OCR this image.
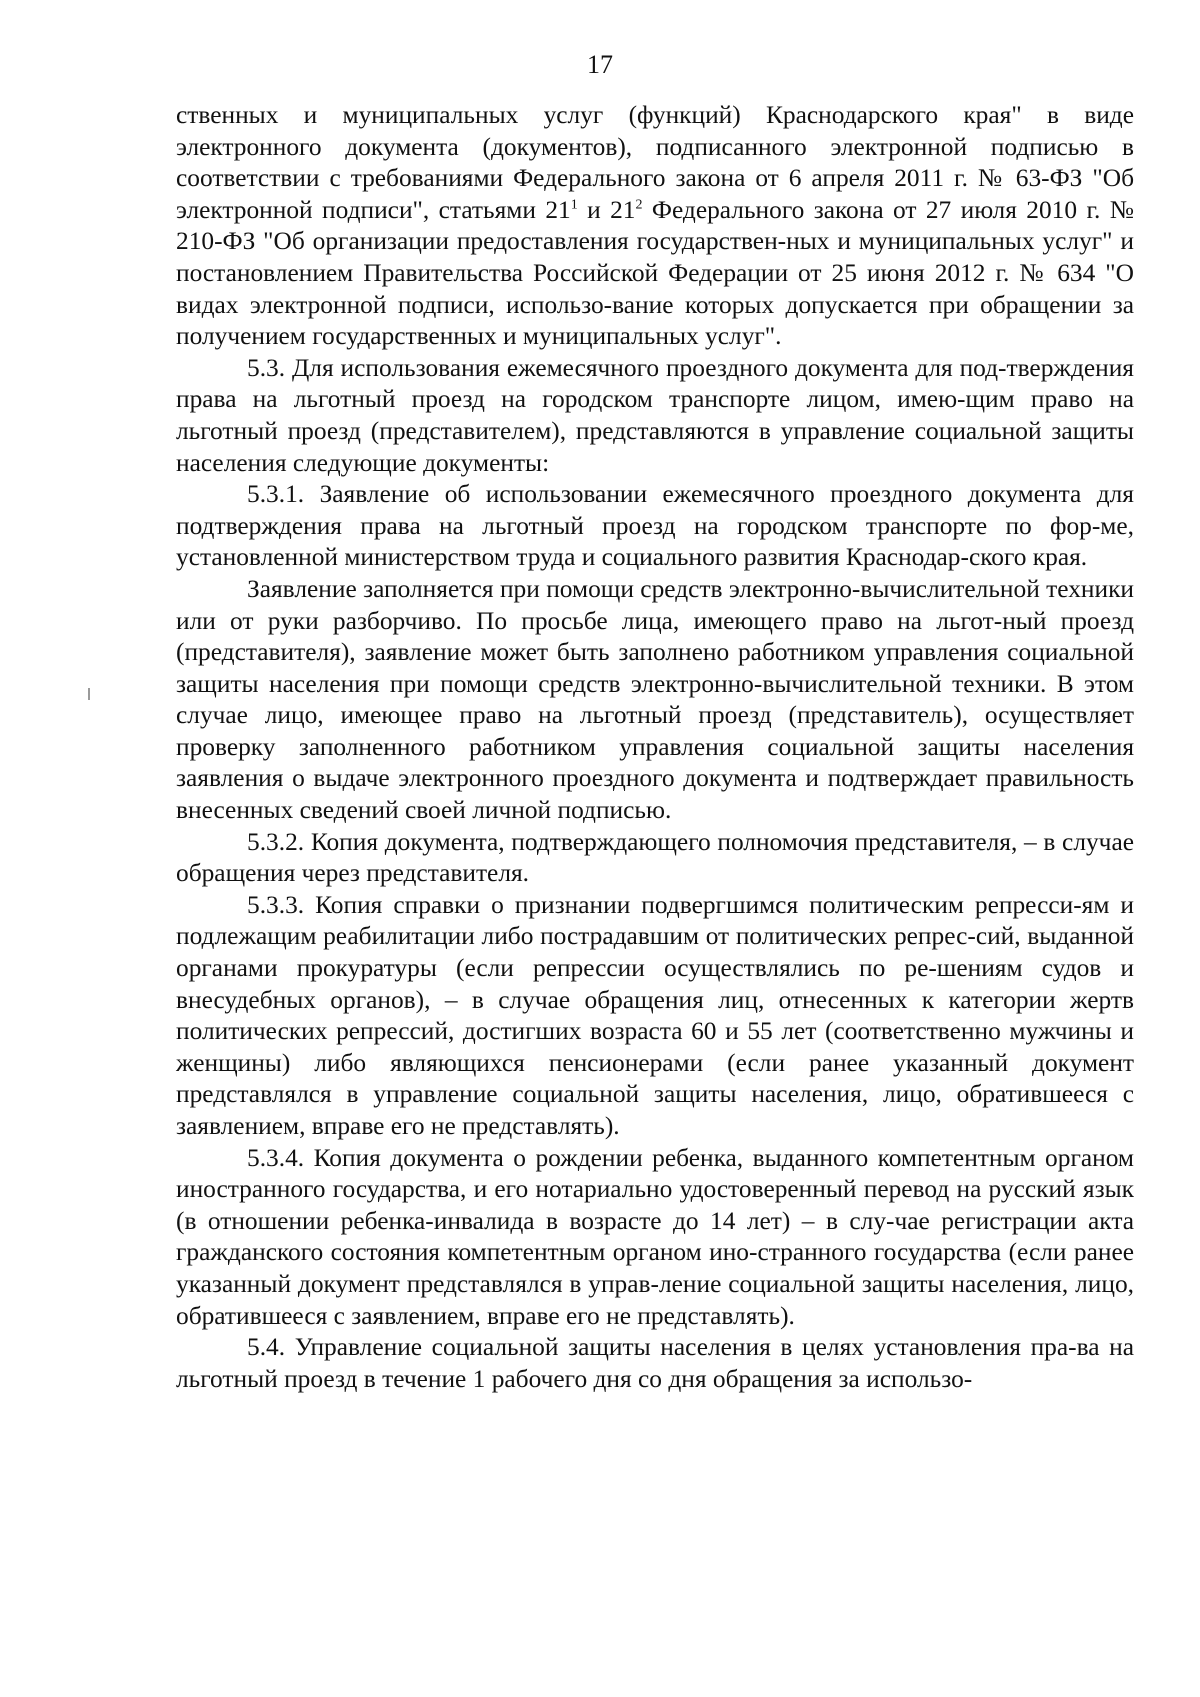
17

ственных и муниципальных услуг (функций) Краснодарского края" в виде электронного документа (документов), подписанного электронной подписью в соответствии с требованиями Федерального закона от 6 апреля 2011 г. № 63-ФЗ "Об электронной подписи", статьями $21^1$ и $21^2$ Федерального закона от 27 июля 2010 г. № 210-ФЗ "Об организации предоставления государствен-ных и муниципальных услуг" и постановлением Правительства Российской Федерации от 25 июня 2012 г. № 634 "О видах электронной подписи, использо-вание которых допускается при обращении за получением государственных и муниципальных услуг".

5.3. Для использования ежемесячного проездного документа для под-тверждения права на льготный проезд на городском транспорте лицом, имею-щим право на льготный проезд (представителем), представляются в управление социальной защиты населения следующие документы:

5.3.1. Заявление об использовании ежемесячного проездного документа для подтверждения права на льготный проезд на городском транспорте по фор-ме, установленной министерством труда и социального развития Краснодар-ского края.

Заявление заполняется при помощи средств электронно-вычислительной техники или от руки разборчиво. По просьбе лица, имеющего право на льгот-ный проезд (представителя), заявление может быть заполнено работником управления социальной защиты населения при помощи средств электронно-вычислительной техники. В этом случае лицо, имеющее право на льготный проезд (представитель), осуществляет проверку заполненного работником управления социальной защиты населения заявления о выдаче электронного проездного документа и подтверждает правильность внесенных сведений своей личной подписью.

5.3.2. Копия документа, подтверждающего полномочия представителя, – в случае обращения через представителя.

5.3.3. Копия справки о признании подвергшимся политическим репресси-ям и подлежащим реабилитации либо пострадавшим от политических репрес-сий, выданной органами прокуратуры (если репрессии осуществлялись по ре-шениям судов и внесудебных органов), – в случае обращения лиц, отнесенных к категории жертв политических репрессий, достигших возраста 60 и 55 лет (соответственно мужчины и женщины) либо являющихся пенсионерами (если ранее указанный документ представлялся в управление социальной защиты населения, лицо, обратившееся с заявлением, вправе его не представлять).

5.3.4. Копия документа о рождении ребенка, выданного компетентным органом иностранного государства, и его нотариально удостоверенный перевод на русский язык (в отношении ребенка-инвалида в возрасте до 14 лет) – в слу-чае регистрации акта гражданского состояния компетентным органом ино-странного государства (если ранее указанный документ представлялся в управ-ление социальной защиты населения, лицо, обратившееся с заявлением, вправе его не представлять).

5.4. Управление социальной защиты населения в целях установления пра-ва на льготный проезд в течение 1 рабочего дня со дня обращения за использо-
